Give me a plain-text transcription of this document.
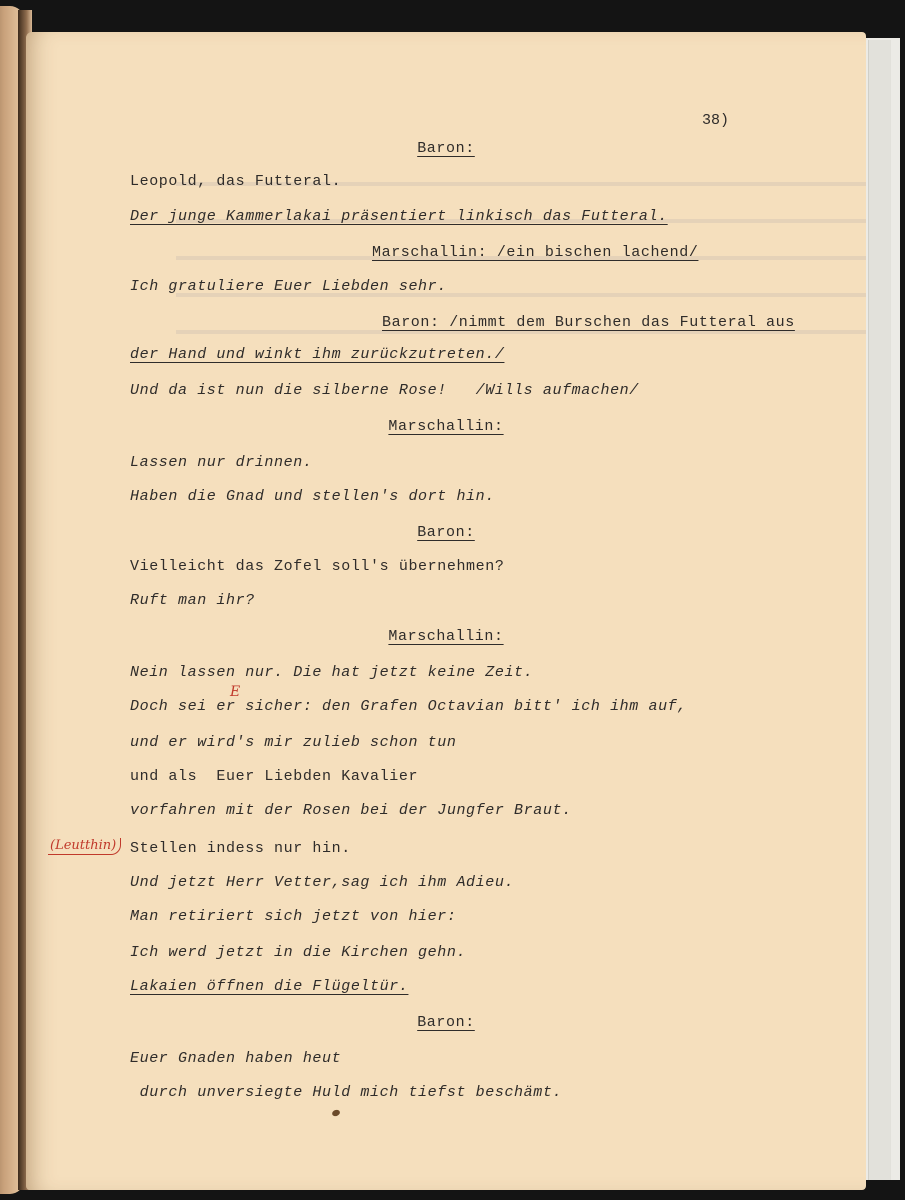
38)
Baron:
Leopold, das Futteral.
Der junge Kammerlakai präsentiert linkisch das Futteral.
Marschallin: /ein bischen lachend/
Ich gratuliere Euer Liebden sehr.
Baron: /nimmt dem Burschen das Futteral aus
der Hand und winkt ihm zurückzutreten./
Und da ist nun die silberne Rose!   /Wills aufmachen/
Marschallin:
Lassen nur drinnen.
Haben die Gnad und stellen's dort hin.
Baron:
Vielleicht das Zofel soll's übernehmen?
Ruft man ihr?
Marschallin:
Nein lassen nur. Die hat jetzt keine Zeit.
Doch sei er sicher: den Grafen Octavian bitt' ich ihm auf,
und er wird's mir zulieb schon tun
und als  Euer Liebden Kavalier
vorfahren mit der Rosen bei der Jungfer Braut.
Stellen indess nur hin.
Und jetzt Herr Vetter,sag ich ihm Adieu.
Man retiriert sich jetzt von hier:
Ich werd jetzt in die Kirchen gehn.
Lakaien öffnen die Flügeltür.
Baron:
Euer Gnaden haben heut
durch unversiegte Huld mich tiefst beschämt.
(Leutthin)
E
